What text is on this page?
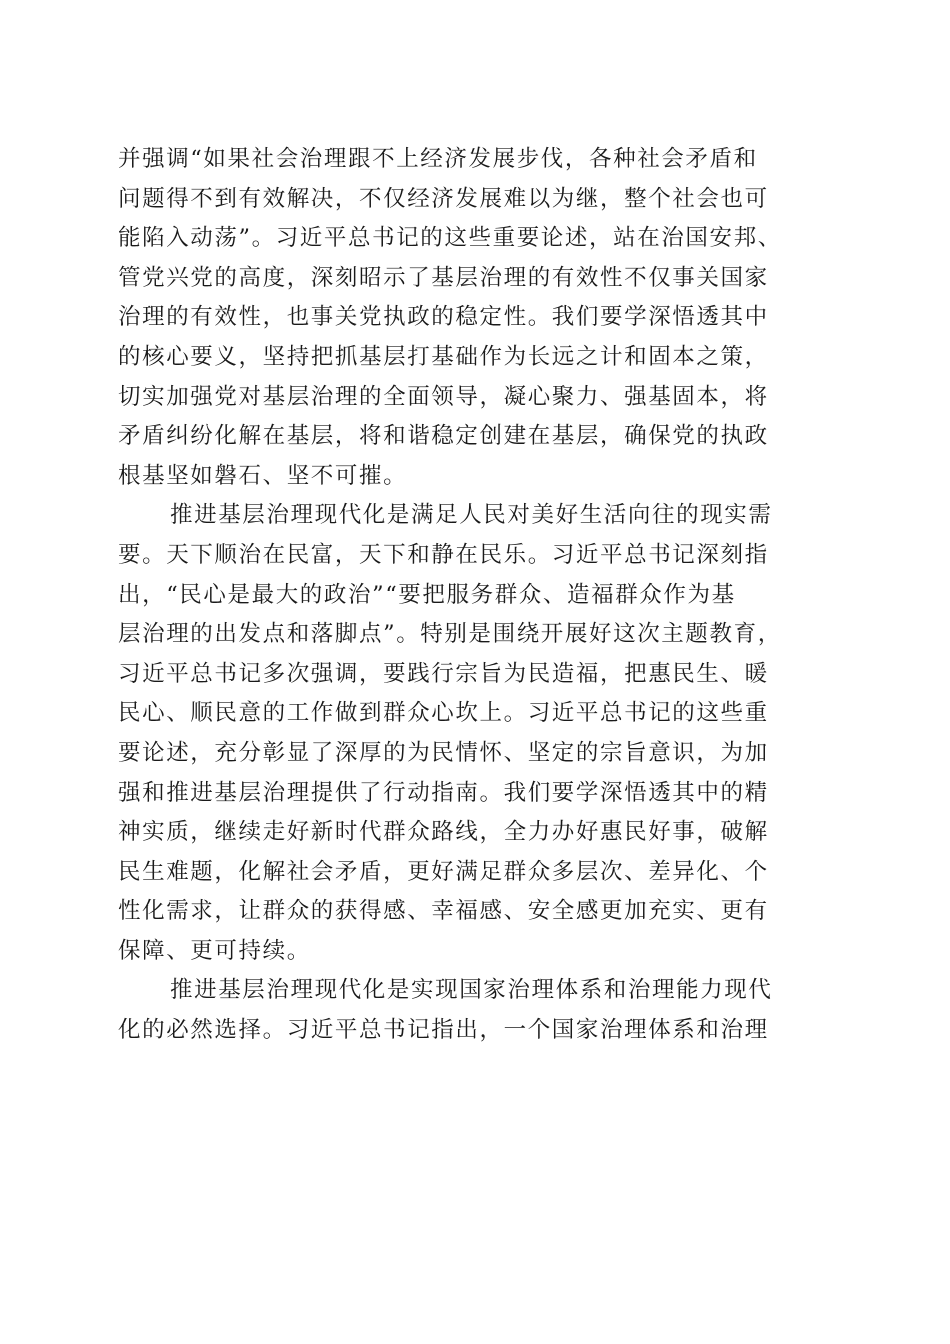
并强调“如果社会治理跟不上经济发展步伐，各种社会矛盾和
问题得不到有效解决，不仅经济发展难以为继，整个社会也可
能陷入动荡”。习近平总书记的这些重要论述，站在治国安邦、
管党兴党的高度，深刻昭示了基层治理的有效性不仅事关国家
治理的有效性，也事关党执政的稳定性。我们要学深悟透其中
的核心要义，坚持把抓基层打基础作为长远之计和固本之策，
切实加强党对基层治理的全面领导，凝心聚力、强基固本，将
矛盾纠纷化解在基层，将和谐稳定创建在基层，确保党的执政
根基坚如磐石、坚不可摧。
推进基层治理现代化是满足人民对美好生活向往的现实需
要。天下顺治在民富，天下和静在民乐。习近平总书记深刻指
出，“民心是最大的政治”“要把服务群众、造福群众作为基
层治理的出发点和落脚点”。特别是围绕开展好这次主题教育，
习近平总书记多次强调，要践行宗旨为民造福，把惠民生、暖
民心、顺民意的工作做到群众心坎上。习近平总书记的这些重
要论述，充分彰显了深厚的为民情怀、坚定的宗旨意识，为加
强和推进基层治理提供了行动指南。我们要学深悟透其中的精
神实质，继续走好新时代群众路线，全力办好惠民好事，破解
民生难题，化解社会矛盾，更好满足群众多层次、差异化、个
性化需求，让群众的获得感、幸福感、安全感更加充实、更有
保障、更可持续。
推进基层治理现代化是实现国家治理体系和治理能力现代
化的必然选择。习近平总书记指出，一个国家治理体系和治理
